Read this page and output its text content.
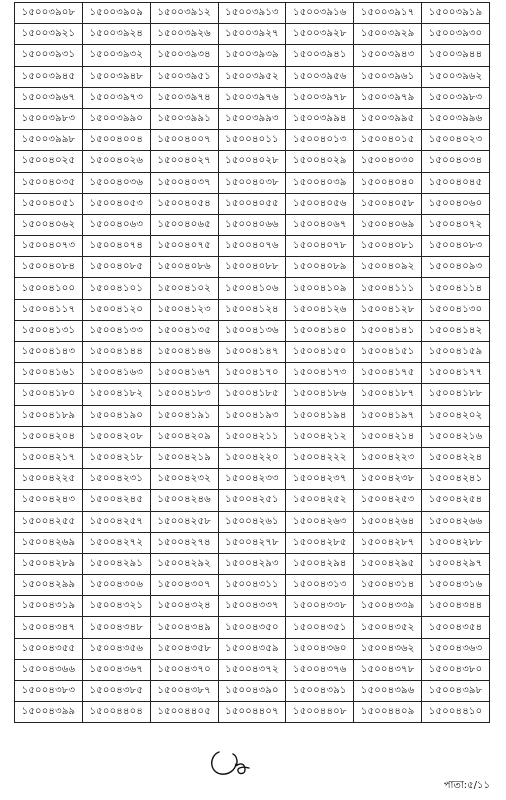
১৫০০৩৯০৮	১৫০০৩৯০৯	১৫০০৩৯১২	১৫০০৩৯১৩	১৫০০৩৯১৬	১৫০০৩৯১৭	১৫০০৩৯১৯
১৫০০৩৯২১	১৫০০৩৯২৪	১৫০০৩৯২৬	১৫০০৩৯২৭	১৫০০৩৯২৮	১৫০০৩৯২৯	১৫০০৩৯৩০
১৫০০৩৯৩১	১৫০০৩৯৩২	১৫০০৩৯৩৪	১৫০০৩৯৩৯	১৫০০৩৯৪১	১৫০০৩৯৪৩	১৫০০৩৯৪৪
১৫০০৩৯৪৫	১৫০০৩৯৪৮	১৫০০৩৯৫১	১৫০০৩৯৫২	১৫০০৩৯৫৬	১৫০০৩৯৬১	১৫০০৩৯৬২
১৫০০৩৯৬৭	১৫০০৩৯৭৩	১৫০০৩৯৭৪	১৫০০৩৯৭৬	১৫০০৩৯৭৮	১৫০০৩৯৭৯	১৫০০৩৯৮৩
১৫০০৩৯৮৩	১৫০০৩৯৯০	১৫০০৩৯৯১	১৫০০৩৯৯৩	১৫০০৩৯৯৪	১৫০০৩৯৯৫	১৫০০৩৯৯৬
১৫০০৩৯৯৮	১৫০০৪০০৪	১৫০০৪০০৭	১৫০০৪০১১	১৫০০৪০১৩	১৫০০৪০১৫	১৫০০৪০২৩
১৫০০৪০২৫	১৫০০৪০২৬	১৫০০৪০২৭	১৫০০৪০২৮	১৫০০৪০২৯	১৫০০৪০৩০	১৫০০৪০৩৪
১৫০০৪০৩৫	১৫০০৪০৩৬	১৫০০৪০৩৭	১৫০০৪০৩৮	১৫০০৪০৩৯	১৫০০৪০৪০	১৫০০৪০৪৫
১৫০০৪০৫১	১৫০০৪০৫৩	১৫০০৪০৫৪	১৫০০৪০৫৫	১৫০০৪০৫৬	১৫০০৪০৫৮	১৫০০৪০৬০
১৫০০৪০৬২	১৫০০৪০৬৩	১৫০০৪০৬৫	১৫০০৪০৬৬	১৫০০৪০৬৭	১৫০০৪০৬৯	১৫০০৪০৭২
১৫০০৪০৭৩	১৫০০৪০৭৪	১৫০০৪০৭৫	১৫০০৪০৭৬	১৫০০৪০৭৮	১৫০০৪০৮১	১৫০০৪০৮৩
১৫০০৪০৮৪	১৫০০৪০৮৫	১৫০০৪০৮৬	১৫০০৪০৮৮	১৫০০৪০৮৯	১৫০০৪০৯২	১৫০০৪০৯৩
১৫০০৪১০০	১৫০০৪১০১	১৫০০৪১০২	১৫০০৪১০৬	১৫০০৪১০৯	১৫০০৪১১১	১৫০০৪১১৪
১৫০০৪১১৭	১৫০০৪১২০	১৫০০৪১২৩	১৫০০৪১২৪	১৫০০৪১২৬	১৫০০৪১২৮	১৫০০৪১৩০
১৫০০৪১৩১	১৫০০৪১৩৩	১৫০০৪১৩৫	১৫০০৪১৩৬	১৫০০৪১৪০	১৫০০৪১৪১	১৫০০৪১৪২
১৫০০৪১৪৩	১৫০০৪১৪৪	১৫০০৪১৪৬	১৫০০৪১৪৭	১৫০০৪১৫০	১৫০০৪১৫১	১৫০০৪১৫৯
১৫০০৪১৬১	১৫০০৪১৬৩	১৫০০৪১৬৭	১৫০০৪১৭০	১৫০০৪১৭৩	১৫০০৪১৭৫	১৫০০৪১৭৭
১৫০০৪১৮০	১৫০০৪১৮২	১৫০০৪১৮৩	১৫০০৪১৮৫	১৫০০৪১৮৬	১৫০০৪১৮৭	১৫০০৪১৮৮
১৫০০৪১৮৯	১৫০০৪১৯০	১৫০০৪১৯১	১৫০০৪১৯৩	১৫০০৪১৯৪	১৫০০৪১৯৭	১৫০০৪২০২
১৫০০৪২০৪	১৫০০৪২০৮	১৫০০৪২০৯	১৫০০৪২১১	১৫০০৪২১২	১৫০০৪২১৪	১৫০০৪২১৬
১৫০০৪২১৭	১৫০০৪২১৮	১৫০০৪২১৯	১৫০০৪২২০	১৫০০৪২২২	১৫০০৪২২৩	১৫০০৪২২৪
১৫০০৪২২৫	১৫০০৪২৩১	১৫০০৪২৩২	১৫০০৪২৩৩	১৫০০৪২৩৭	১৫০০৪২৩৮	১৫০০৪২৪১
১৫০০৪২৪৩	১৫০০৪২৪৫	১৫০০৪২৪৬	১৫০০৪২৫১	১৫০০৪২৫২	১৫০০৪২৫৩	১৫০০৪২৫৪
১৫০০৪২৫৫	১৫০০৪২৫৭	১৫০০৪২৫৮	১৫০০৪২৬১	১৫০০৪২৬৩	১৫০০৪২৬৪	১৫০০৪২৬৬
১৫০০৪২৬৯	১৫০০৪২৭২	১৫০০৪২৭৪	১৫০০৪২৭৮	১৫০০৪২৮৫	১৫০০৪২৮৭	১৫০০৪২৮৮
১৫০০৪২৮৯	১৫০০৪২৯১	১৫০০৪২৯২	১৫০০৪২৯৩	১৫০০৪২৯৪	১৫০০৪২৯৫	১৫০০৪২৯৭
১৫০০৪২৯৯	১৫০০৪৩০৬	১৫০০৪৩০৭	১৫০০৪৩১১	১৫০০৪৩১৩	১৫০০৪৩১৪	১৫০০৪৩১৬
১৫০০৪৩১৯	১৫০০৪৩২১	১৫০০৪৩২৪	১৫০০৪৩৩৭	১৫০০৪৩৩৮	১৫০০৪৩৩৯	১৫০০৪৩৪৪
১৫০০৪৩৪৭	১৫০০৪৩৪৮	১৫০০৪৩৪৯	১৫০০৪৩৫০	১৫০০৪৩৫১	১৫০০৪৩৫২	১৫০০৪৩৫৪
১৫০০৪৩৫৫	১৫০০৪৩৫৬	১৫০০৪৩৫৮	১৫০০৪৩৫৯	১৫০০৪৩৬০	১৫০০৪৩৬২	১৫০০৪৩৬৩
১৫০০৪৩৬৬	১৫০০৪৩৬৭	১৫০০৪৩৭০	১৫০০৪৩৭২	১৫০০৪৩৭৬	১৫০০৪৩৭৮	১৫০০৪৩৮০
১৫০০৪৩৮৩	১৫০০৪৩৮৫	১৫০০৪৩৮৭	১৫০০৪৩৯০	১৫০০৪৩৯১	১৫০০৪৩৯৬	১৫০০৪৩৯৮
১৫০০৪৩৯৯	১৫০০৪৪০৪	১৫০০৪৪০৫	১৫০০৪৪০৭	১৫০০৪৪০৮	১৫০০৪৪০৯	১৫০০৪৪১০
পাতা:৫/১১
